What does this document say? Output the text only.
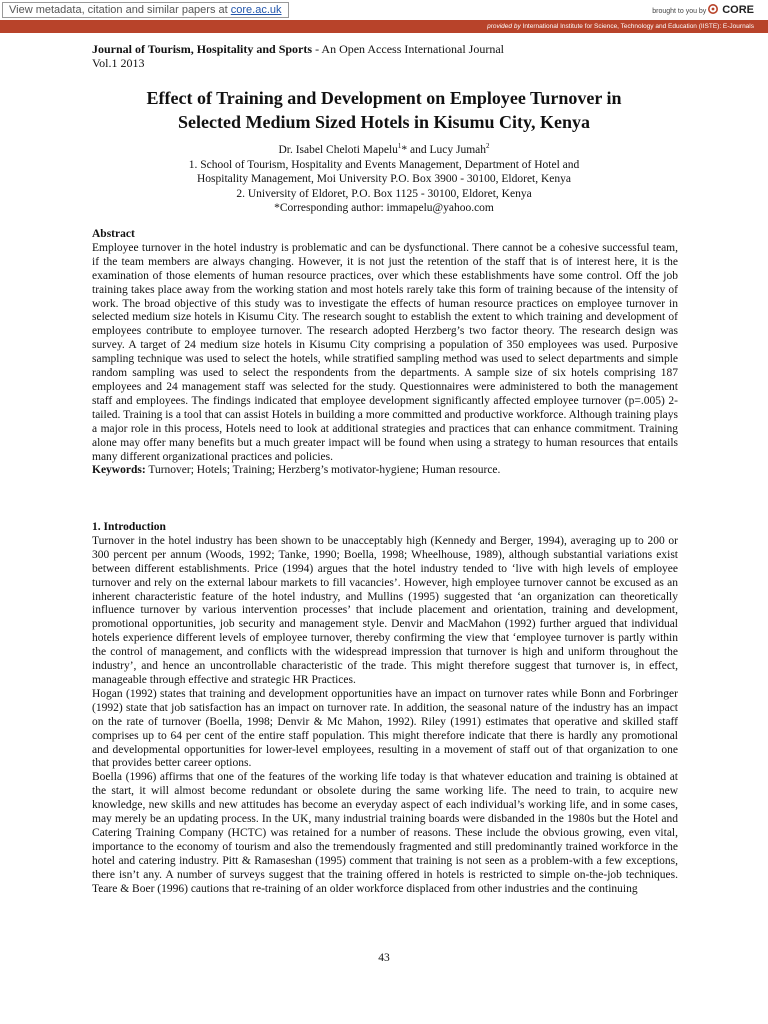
View metadata, citation and similar papers at core.ac.uk	brought to you by CORE
provided by International Institute for Science, Technology and Education (IISTE): E-Journals
Journal of Tourism, Hospitality and Sports - An Open Access International Journal
Vol.1 2013
Effect of Training and Development on Employee Turnover in
Selected Medium Sized Hotels in Kisumu City, Kenya
Dr. Isabel Cheloti Mapelu$^1$* and Lucy Jumah$^2$
1. School of Tourism, Hospitality and Events Management, Department of Hotel and
Hospitality Management, Moi University P.O. Box 3900 - 30100, Eldoret, Kenya
2. University of Eldoret, P.O. Box 1125 - 30100, Eldoret, Kenya
*Corresponding author: immapelu@yahoo.com

Abstract

Employee turnover in the hotel industry is problematic and can be dysfunctional. There cannot be a cohesive successful team, if the team members are always changing. However, it is not just the retention of the staff that is of interest here, it is the examination of those elements of human resource practices, over which these establishments have some control. Off the job training takes place away from the working station and most hotels rarely take this form of training because of the intensity of work. The broad objective of this study was to investigate the effects of human resource practices on employee turnover in selected medium size hotels in Kisumu City. The research sought to establish the extent to which training and development of employees contribute to employee turnover. The research adopted Herzberg’s two factor theory. The research design was survey. A target of 24 medium size hotels in Kisumu City comprising a population of 350 employees was used. Purposive sampling technique was used to select the hotels, while stratified sampling method was used to select departments and simple random sampling was used to select the respondents from the departments. A sample size of six hotels comprising 187 employees and 24 management staff was selected for the study. Questionnaires were administered to both the management staff and employees. The findings indicated that employee development significantly affected employee turnover (p=.005) 2-tailed. Training is a tool that can assist Hotels in building a more committed and productive workforce. Although training plays a major role in this process, Hotels need to look at additional strategies and practices that can enhance commitment. Training alone may offer many benefits but a much greater impact will be found when using a strategy to human resources that entails many different organizational practices and policies.

Keywords: Turnover; Hotels; Training; Herzberg’s motivator-hygiene; Human resource.

1. Introduction

Turnover in the hotel industry has been shown to be unacceptably high (Kennedy and Berger, 1994), averaging up to 200 or 300 percent per annum (Woods, 1992; Tanke, 1990; Boella, 1998; Wheelhouse, 1989), although substantial variations exist between different establishments. Price (1994) argues that the hotel industry tended to ‘live with high levels of employee turnover and rely on the external labour markets to fill vacancies’. However, high employee turnover cannot be excused as an inherent characteristic feature of the hotel industry, and Mullins (1995) suggested that ‘an organization can theoretically influence turnover by various intervention processes’ that include placement and orientation, training and development, promotional opportunities, job security and management style. Denvir and MacMahon (1992) further argued that individual hotels experience different levels of employee turnover, thereby confirming the view that ‘employee turnover is partly within the control of management, and conflicts with the widespread impression that turnover is high and uniform throughout the industry’, and hence an uncontrollable characteristic of the trade. This might therefore suggest that turnover is, in effect, manageable through effective and strategic HR Practices.

Hogan (1992) states that training and development opportunities have an impact on turnover rates while Bonn and Forbringer (1992) state that job satisfaction has an impact on turnover rate. In addition, the seasonal nature of the industry has an impact on the rate of turnover (Boella, 1998; Denvir & Mc Mahon, 1992). Riley (1991) estimates that operative and skilled staff comprises up to 64 per cent of the entire staff population. This might therefore indicate that there is hardly any promotional and developmental opportunities for lower-level employees, resulting in a movement of staff out of that organization to one that provides better career options.

Boella (1996) affirms that one of the features of the working life today is that whatever education and training is obtained at the start, it will almost become redundant or obsolete during the same working life. The need to train, to acquire new knowledge, new skills and new attitudes has become an everyday aspect of each individual’s working life, and in some cases, may merely be an updating process. In the UK, many industrial training boards were disbanded in the 1980s but the Hotel and Catering Training Company (HCTC) was retained for a number of reasons. These include the obvious growing, even vital, importance to the economy of tourism and also the tremendously fragmented and still predominantly trained workforce in the hotel and catering industry. Pitt & Ramaseshan (1995) comment that training is not seen as a problem-with a few exceptions, there isn’t any. A number of surveys suggest that the training offered in hotels is restricted to simple on-the-job techniques. Teare & Boer (1996) cautions that re-training of an older workforce displaced from other industries and the continuing

43
